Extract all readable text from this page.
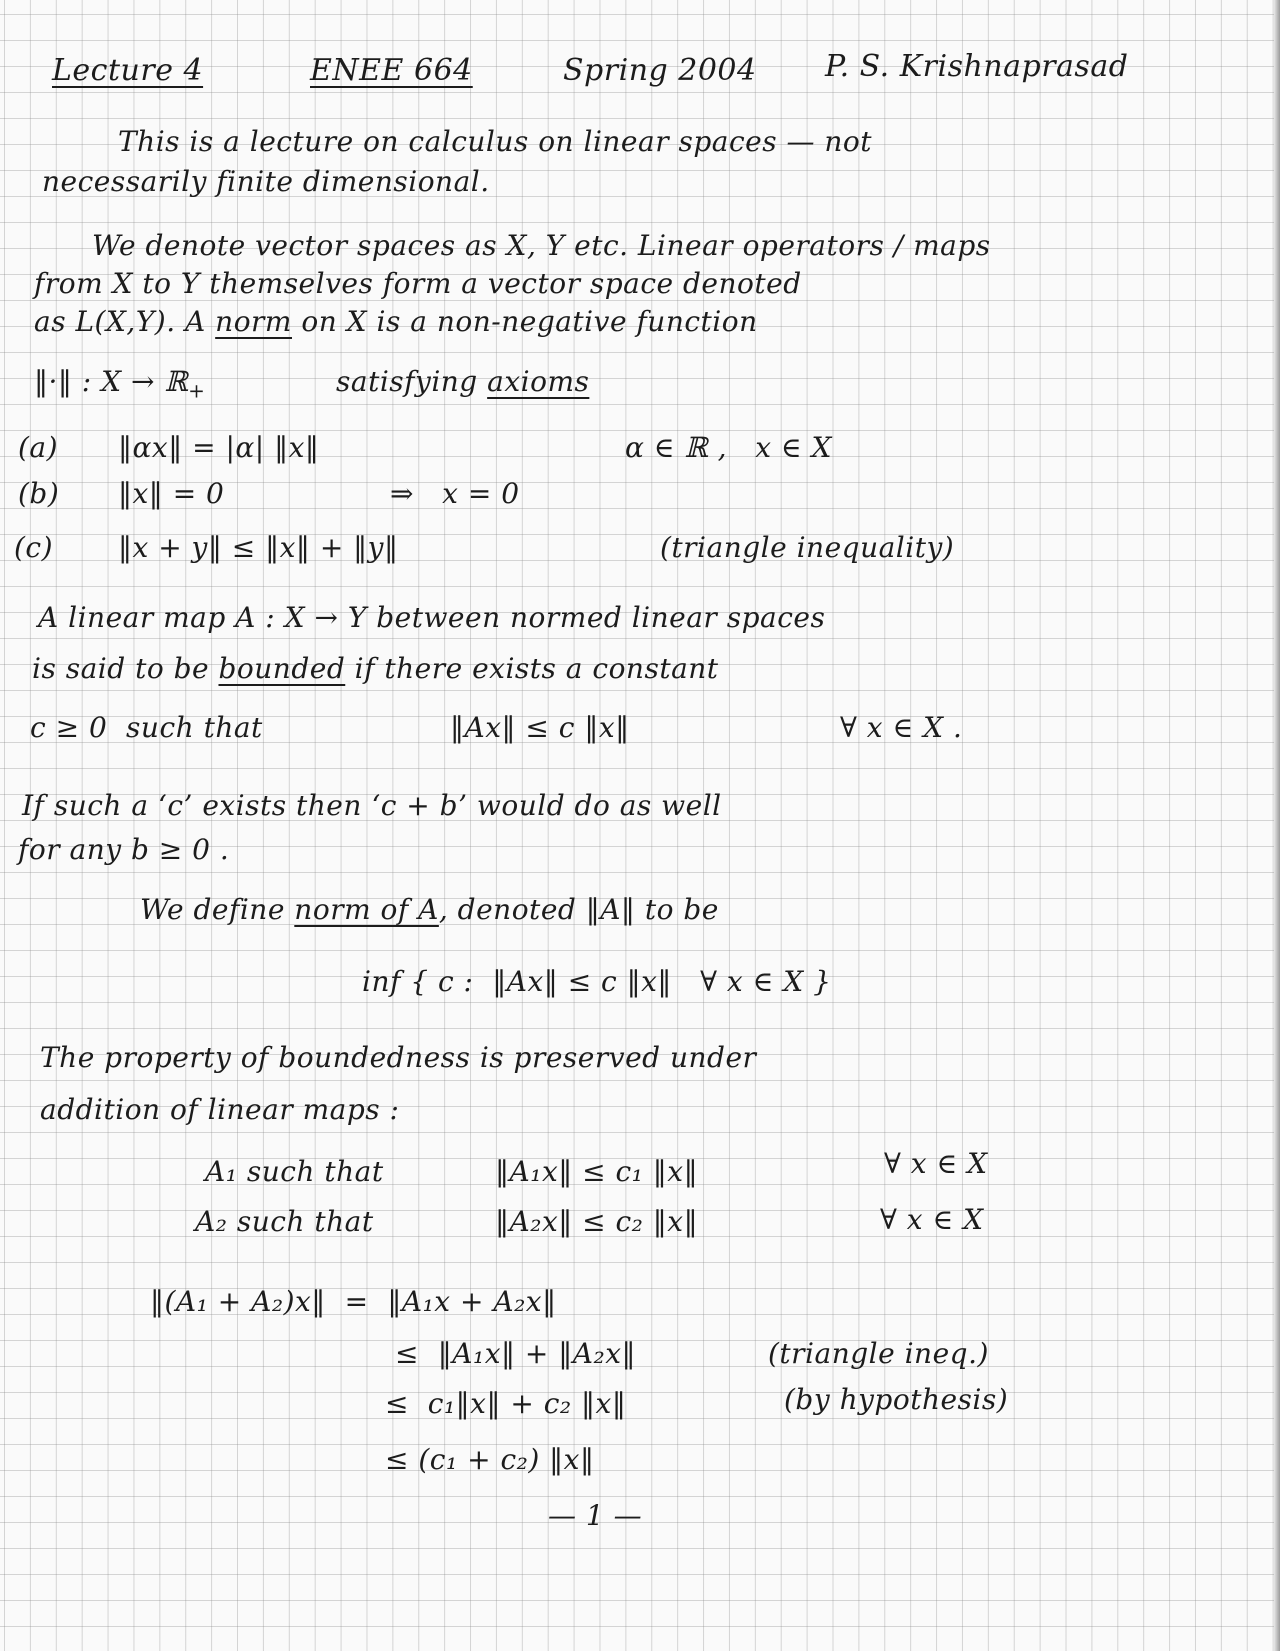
Lecture 4	ENEE 664	Spring 2004 P. S. Krishnaprasad
This is a lecture on calculus on linear spaces — not
necessarily finite dimensional.
We denote vector spaces as X, Y etc. Linear operators / maps
from X to Y themselves form a vector space denoted
as L(X,Y). A norm on X is a non-negative function
‖·‖ : X → ℝ$_+$	satisfying axioms
(a) ‖αx‖ = |α| ‖x‖	α ∈ ℝ ,   x ∈ X
(b) ‖x‖ = 0	⇒   x = 0
(c) ‖x + y‖ ≤ ‖x‖ + ‖y‖	(triangle inequality)
A linear map A : X → Y between normed linear spaces
is said to be bounded if there exists a constant
c ≥ 0  such that	‖Ax‖ ≤ c ‖x‖	∀ x ∈ X .
If such a ‘c’ exists then ‘c + b’ would do as well
for any b ≥ 0 .
We define norm of A, denoted ‖A‖ to be
inf { c :  ‖Ax‖ ≤ c ‖x‖   ∀ x ∈ X }
The property of boundedness is preserved under
addition of linear maps :
A₁ such that	‖A₁x‖ ≤ c₁ ‖x‖	∀ x ∈ X
A₂ such that	‖A₂x‖ ≤ c₂ ‖x‖	∀ x ∈ X
‖(A₁ + A₂)x‖  =  ‖A₁x + A₂x‖
≤  ‖A₁x‖ + ‖A₂x‖	(triangle ineq.)
≤  c₁‖x‖ + c₂ ‖x‖	(by hypothesis)
≤ (c₁ + c₂) ‖x‖
— 1 —
